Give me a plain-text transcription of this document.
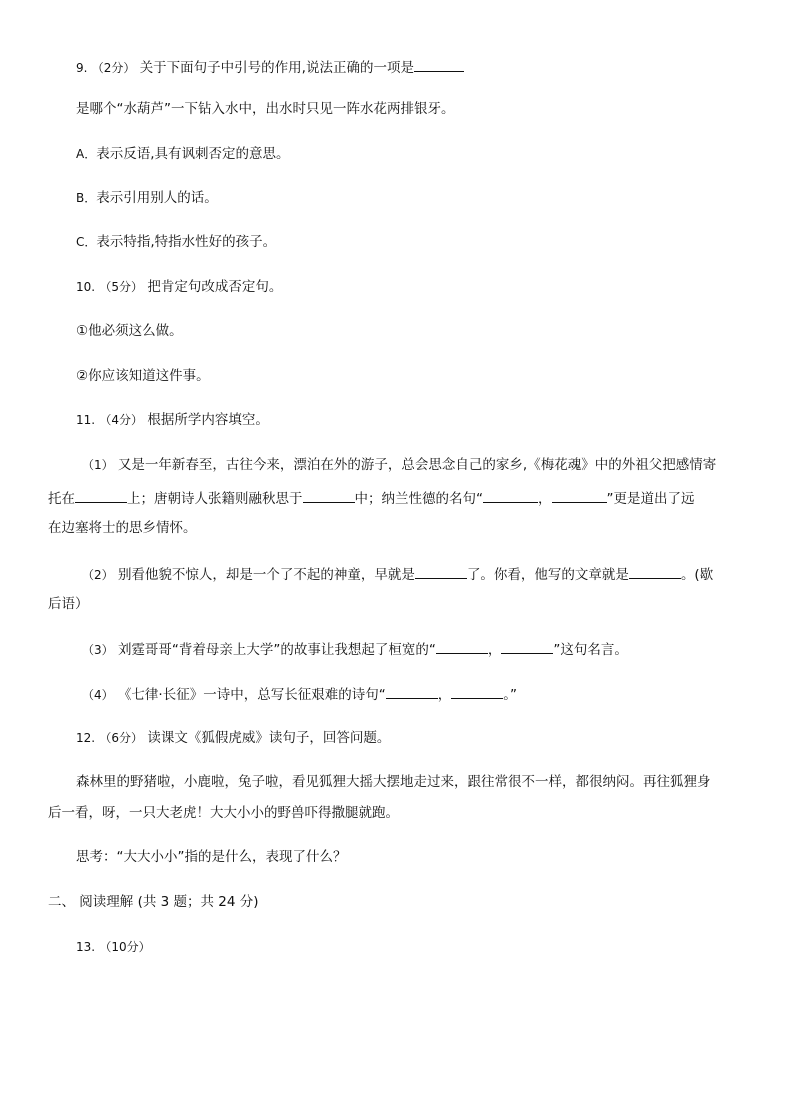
9. （2分） 关于下面句子中引号的作用,说法正确的一项是
是哪个“水葫芦”一下钻入水中，出水时只见一阵水花两排银牙。
A．表示反语,具有讽刺否定的意思。
B．表示引用别人的话。
C．表示特指,特指水性好的孩子。
10. （5分） 把肯定句改成否定句。
①他必须这么做。
②你应该知道这件事。
11. （4分） 根据所学内容填空。
（1） 又是一年新春至，古往今来，漂泊在外的游子，总会思念自己的家乡,《梅花魂》中的外祖父把感情寄
托在	上；唐朝诗人张籍则融秋思于	中；纳兰性德的名句“	，	”更是道出了远
在边塞将士的思乡情怀。
（2） 别看他貌不惊人，却是一个了不起的神童，早就是	了。你看，他写的文章就是	。(歇
后语）
（3） 刘霆哥哥“背着母亲上大学”的故事让我想起了桓宽的“	，	”这句名言。
（4） 《七律·长征》一诗中，总写长征艰难的诗句“	，	。”
12. （6分） 读课文《狐假虎威》读句子，回答问题。
森林里的野猪啦，小鹿啦，兔子啦，看见狐狸大摇大摆地走过来，跟往常很不一样，都很纳闷。再往狐狸身
后一看，呀，一只大老虎！大大小小的野兽吓得撒腿就跑。
思考：“大大小小”指的是什么，表现了什么？
二、 阅读理解 (共 3 题；共 24 分)
13. （10分）
